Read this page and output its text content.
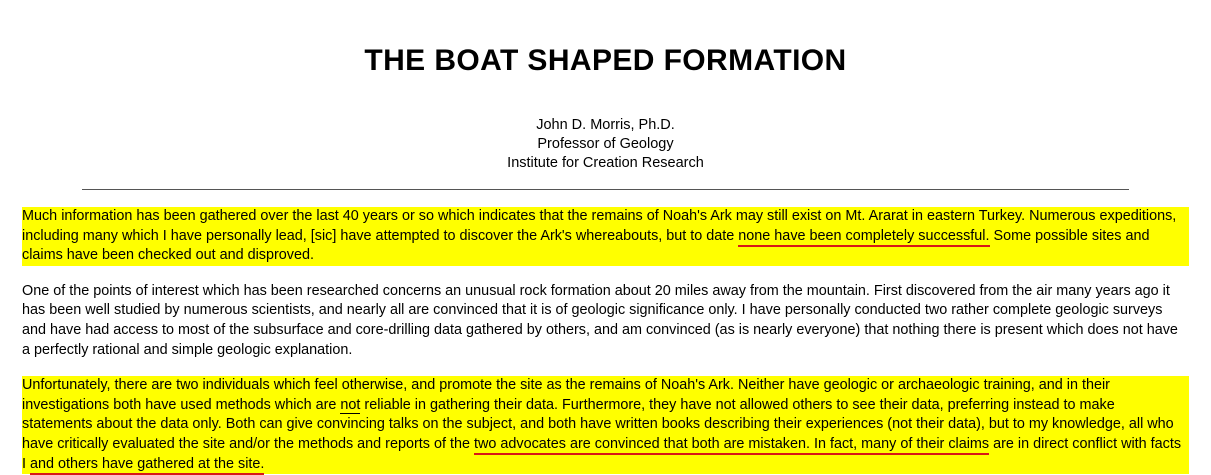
THE BOAT SHAPED FORMATION
John D. Morris, Ph.D.
Professor of Geology
Institute for Creation Research

Much information has been gathered over the last 40 years or so which indicates that the remains of Noah's Ark may still exist on Mt. Ararat in eastern Turkey. Numerous expeditions, including many which I have personally lead, [sic] have attempted to discover the Ark's whereabouts, but to date none have been completely successful. Some possible sites and claims have been checked out and disproved.

One of the points of interest which has been researched concerns an unusual rock formation about 20 miles away from the mountain. First discovered from the air many years ago it has been well studied by numerous scientists, and nearly all are convinced that it is of geologic significance only. I have personally conducted two rather complete geologic surveys and have had access to most of the subsurface and core-drilling data gathered by others, and am convinced (as is nearly everyone) that nothing there is present which does not have a perfectly rational and simple geologic explanation.

Unfortunately, there are two individuals which feel otherwise, and promote the site as the remains of Noah's Ark. Neither have geologic or archaeologic training, and in their investigations both have used methods which are not reliable in gathering their data. Furthermore, they have not allowed others to see their data, preferring instead to make statements about the data only. Both can give convincing talks on the subject, and both have written books describing their experiences (not their data), but to my knowledge, all who have critically evaluated the site and/or the methods and reports of the two advocates are convinced that both are mistaken. In fact, many of their claims are in direct conflict with facts I and others have gathered at the site.
